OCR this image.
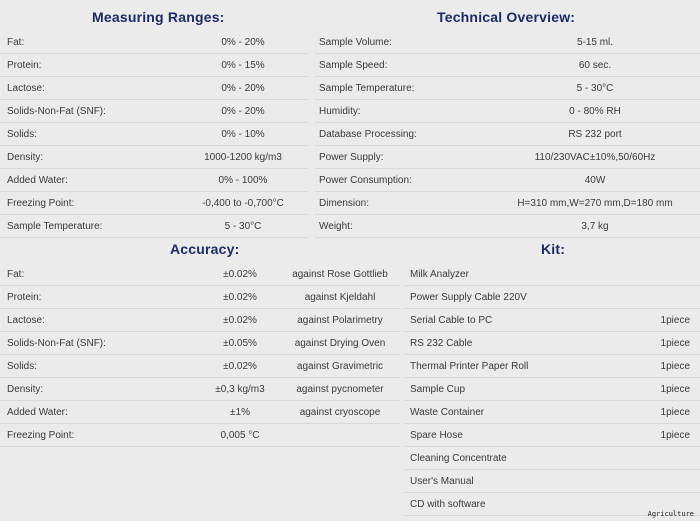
Measuring Ranges:
Fat:	0% - 20%
Protein:	0% - 15%
Lactose:	0% - 20%
Solids-Non-Fat (SNF):	0% - 20%
Solids:	0% - 10%
Density:	1000-1200 kg/m3
Added Water:	0% - 100%
Freezing Point:	-0,400 to -0,700°C
Sample Temperature:	5 - 30°C
Technical Overview:
Sample Volume:	5-15 ml.
Sample Speed:	60 sec.
Sample Temperature:	5 - 30°C
Humidity:	0 - 80% RH
Database Processing:	RS 232 port
Power Supply:	110/230VAC±10%,50/60Hz
Power Consumption:	40W
Dimension:	H=310 mm,W=270 mm,D=180 mm
Weight:	3,7 kg
Accuracy:
Fat:	±0.02%	against Rose Gottlieb
Protein:	±0.02%	against Kjeldahl
Lactose:	±0.02%	against Polarimetry
Solids-Non-Fat (SNF):	±0.05%	against Drying Oven
Solids:	±0.02%	against Gravimetric
Density:	±0,3 kg/m3	against pycnometer
Added Water:	±1%	against cryoscope
Freezing Point:	0,005 °C
Kit:
Milk Analyzer
Power Supply Cable 220V
Serial Cable to PC	1piece
RS 232 Cable	1piece
Thermal Printer Paper Roll	1piece
Sample Cup	1piece
Waste Container	1piece
Spare Hose	1piece
Cleaning Concentrate
User's Manual
CD with software
Agriculture
